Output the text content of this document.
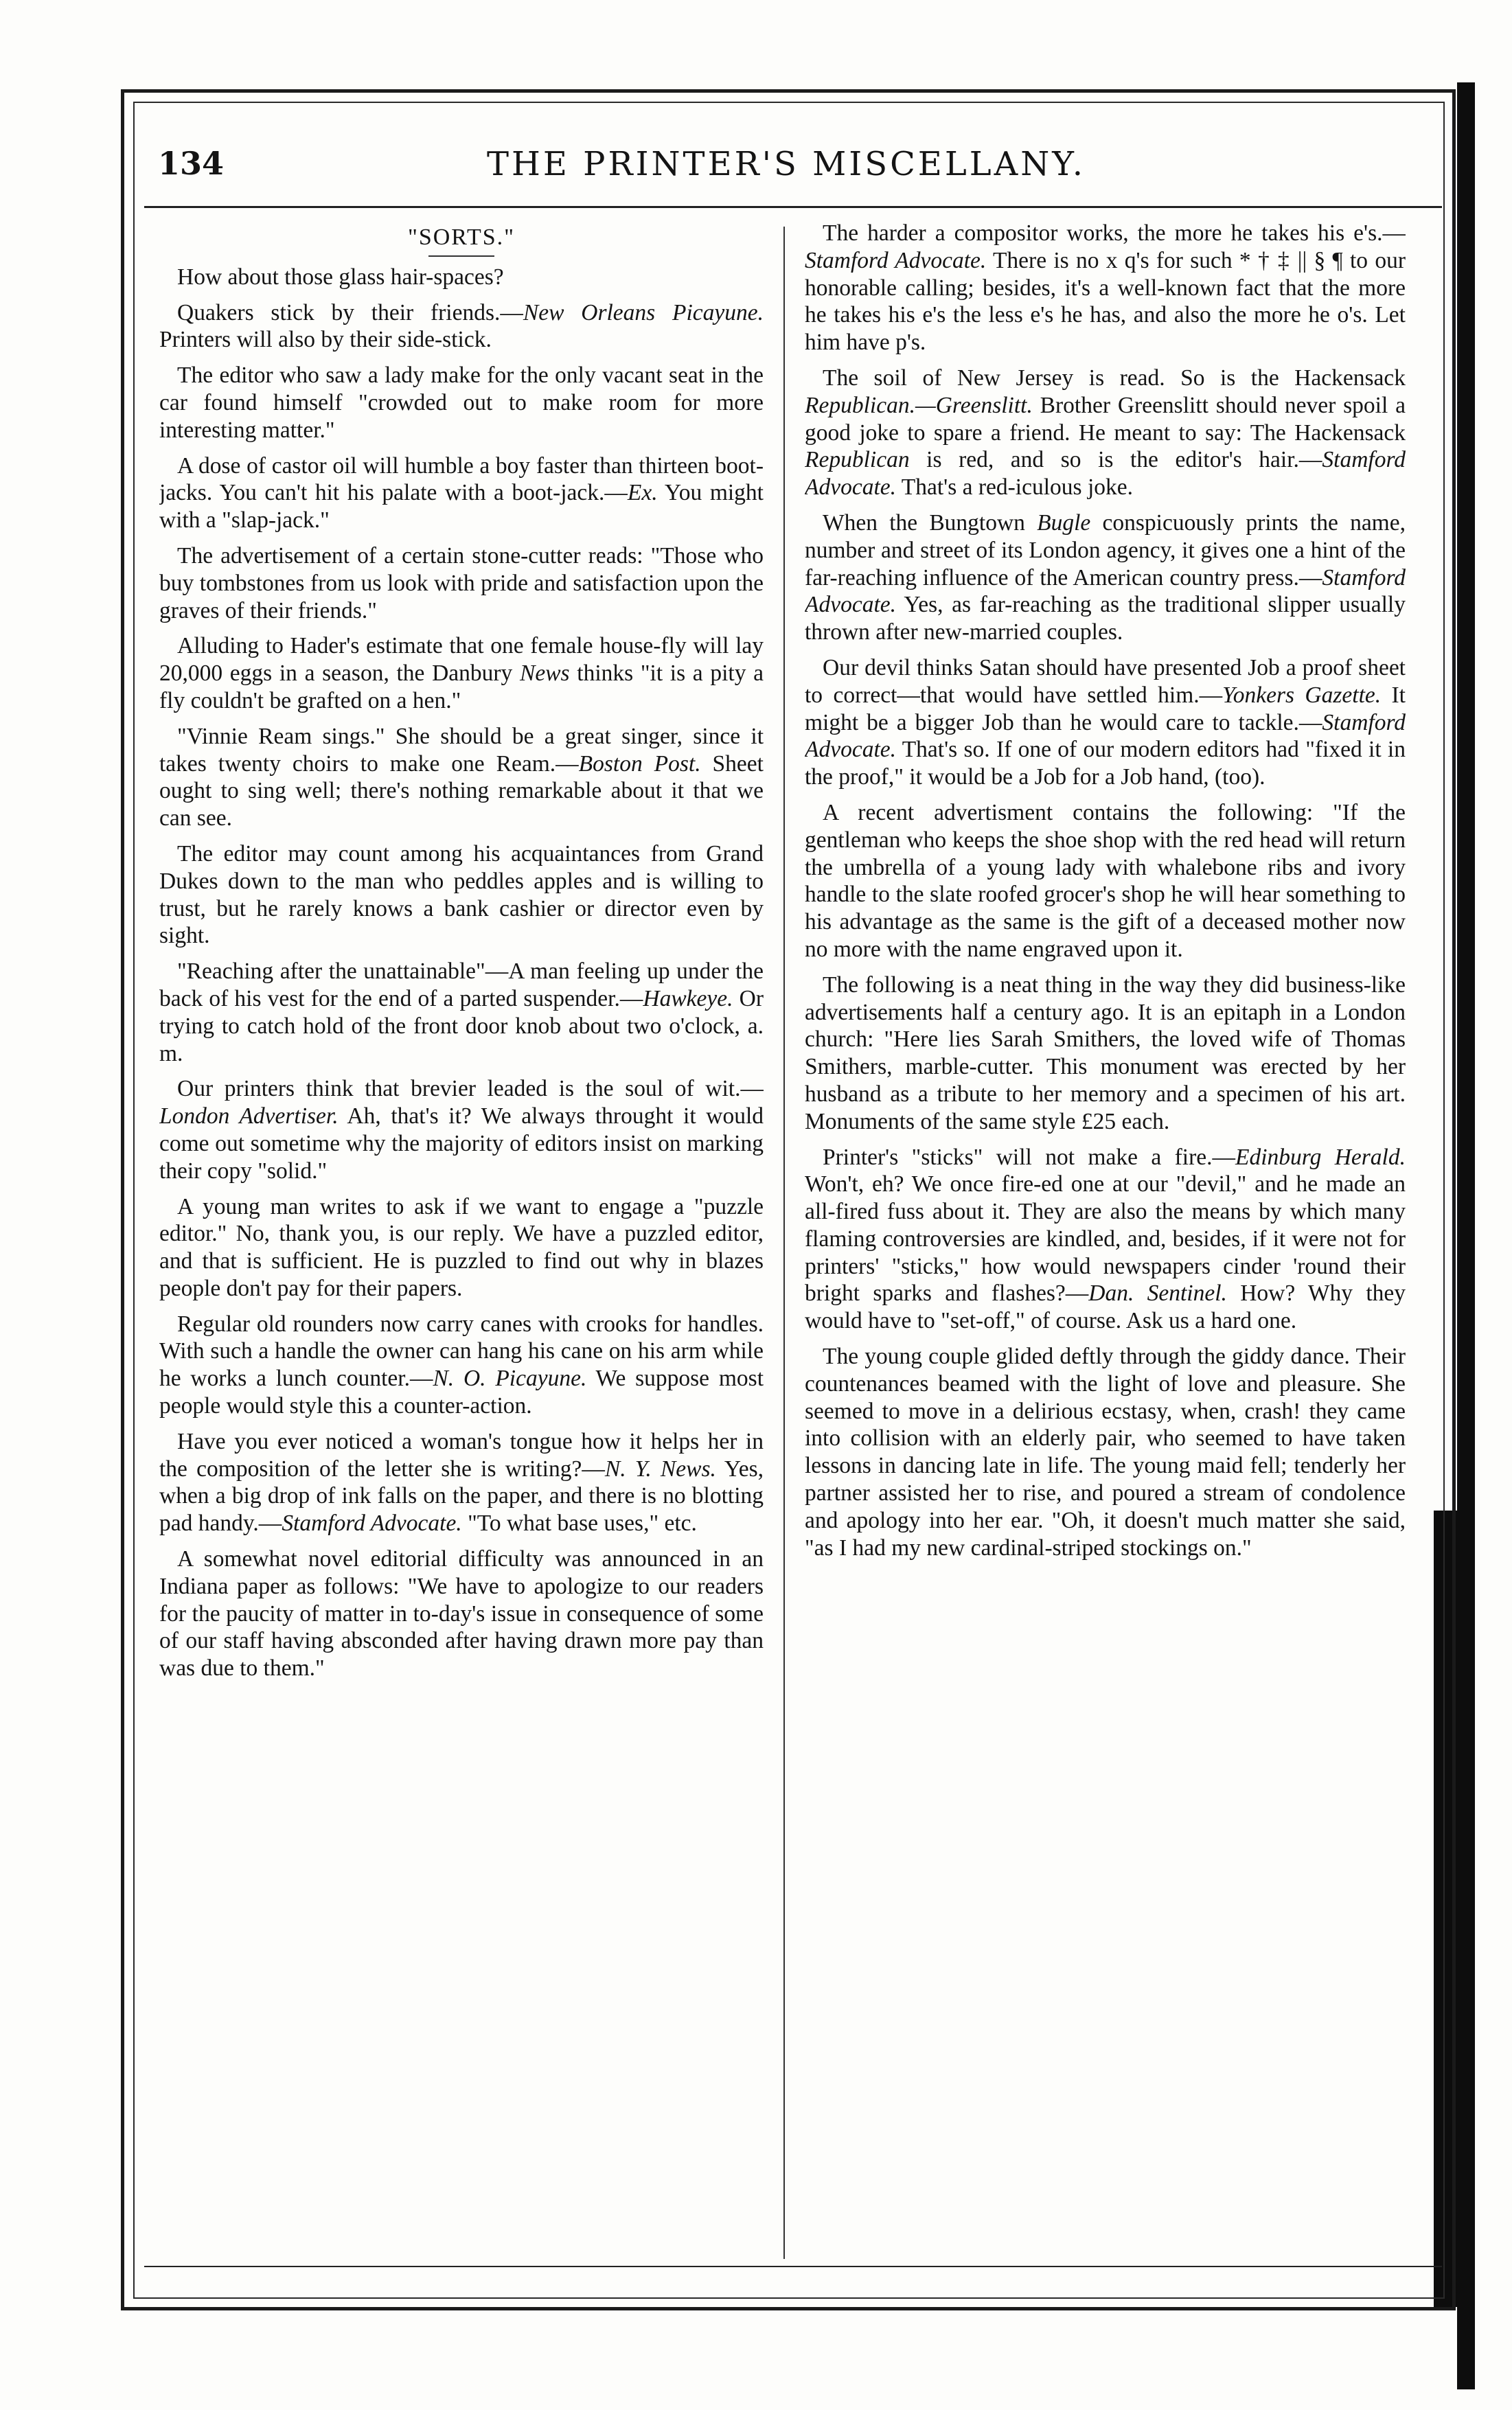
134	THE PRINTER'S MISCELLANY.
"SORTS."

How about those glass hair-spaces?

Quakers stick by their friends.—New Orleans Picayune. Printers will also by their side-stick.

The editor who saw a lady make for the only vacant seat in the car found himself "crowded out to make room for more interesting matter."

A dose of castor oil will humble a boy faster than thirteen boot-jacks. You can't hit his palate with a boot-jack.—Ex. You might with a "slap-jack."

The advertisement of a certain stone-cutter reads: "Those who buy tombstones from us look with pride and satisfaction upon the graves of their friends."

Alluding to Hader's estimate that one female house-fly will lay 20,000 eggs in a season, the Danbury News thinks "it is a pity a fly couldn't be grafted on a hen."

"Vinnie Ream sings." She should be a great singer, since it takes twenty choirs to make one Ream.—Boston Post. Sheet ought to sing well; there's nothing remarkable about it that we can see.

The editor may count among his acquaintances from Grand Dukes down to the man who peddles apples and is willing to trust, but he rarely knows a bank cashier or director even by sight.

"Reaching after the unattainable"—A man feeling up under the back of his vest for the end of a parted suspender.—Hawkeye. Or trying to catch hold of the front door knob about two o'clock, a. m.

Our printers think that brevier leaded is the soul of wit.—London Advertiser. Ah, that's it? We always throught it would come out sometime why the majority of editors insist on marking their copy "solid."

A young man writes to ask if we want to engage a "puzzle editor." No, thank you, is our reply. We have a puzzled editor, and that is sufficient. He is puzzled to find out why in blazes people don't pay for their papers.

Regular old rounders now carry canes with crooks for handles. With such a handle the owner can hang his cane on his arm while he works a lunch counter.—N. O. Picayune. We suppose most people would style this a counter-action.

Have you ever noticed a woman's tongue how it helps her in the composition of the letter she is writing?—N. Y. News. Yes, when a big drop of ink falls on the paper, and there is no blotting pad handy.—Stamford Advocate. "To what base uses," etc.

A somewhat novel editorial difficulty was announced in an Indiana paper as follows: "We have to apologize to our readers for the paucity of matter in to-day's issue in consequence of some of our staff having absconded after having drawn more pay than was due to them."

The harder a compositor works, the more he takes his e's.—Stamford Advocate. There is no x q's for such * † ‡ || § ¶ to our honorable calling; besides, it's a well-known fact that the more he takes his e's the less e's he has, and also the more he o's. Let him have p's.

The soil of New Jersey is read. So is the Hackensack Republican.—Greenslitt. Brother Greenslitt should never spoil a good joke to spare a friend. He meant to say: The Hackensack Republican is red, and so is the editor's hair.—Stamford Advocate. That's a red-iculous joke.

When the Bungtown Bugle conspicuously prints the name, number and street of its London agency, it gives one a hint of the far-reaching influence of the American country press.—Stamford Advocate. Yes, as far-reaching as the traditional slipper usually thrown after new-married couples.

Our devil thinks Satan should have presented Job a proof sheet to correct—that would have settled him.—Yonkers Gazette. It might be a bigger Job than he would care to tackle.—Stamford Advocate. That's so. If one of our modern editors had "fixed it in the proof," it would be a Job for a Job hand, (too).

A recent advertisment contains the following: "If the gentleman who keeps the shoe shop with the red head will return the umbrella of a young lady with whalebone ribs and ivory handle to the slate roofed grocer's shop he will hear something to his advantage as the same is the gift of a deceased mother now no more with the name engraved upon it.

The following is a neat thing in the way they did business-like advertisements half a century ago. It is an epitaph in a London church: "Here lies Sarah Smithers, the loved wife of Thomas Smithers, marble-cutter. This monument was erected by her husband as a tribute to her memory and a specimen of his art. Monuments of the same style £25 each.

Printer's "sticks" will not make a fire.—Edinburg Herald. Won't, eh? We once fire-ed one at our "devil," and he made an all-fired fuss about it. They are also the means by which many flaming controversies are kindled, and, besides, if it were not for printers' "sticks," how would newspapers cinder 'round their bright sparks and flashes?—Dan. Sentinel. How? Why they would have to "set-off," of course. Ask us a hard one.

The young couple glided deftly through the giddy dance. Their countenances beamed with the light of love and pleasure. She seemed to move in a delirious ecstasy, when, crash! they came into collision with an elderly pair, who seemed to have taken lessons in dancing late in life. The young maid fell; tenderly her partner assisted her to rise, and poured a stream of condolence and apology into her ear. "Oh, it doesn't much matter she said, "as I had my new cardinal-striped stockings on."
